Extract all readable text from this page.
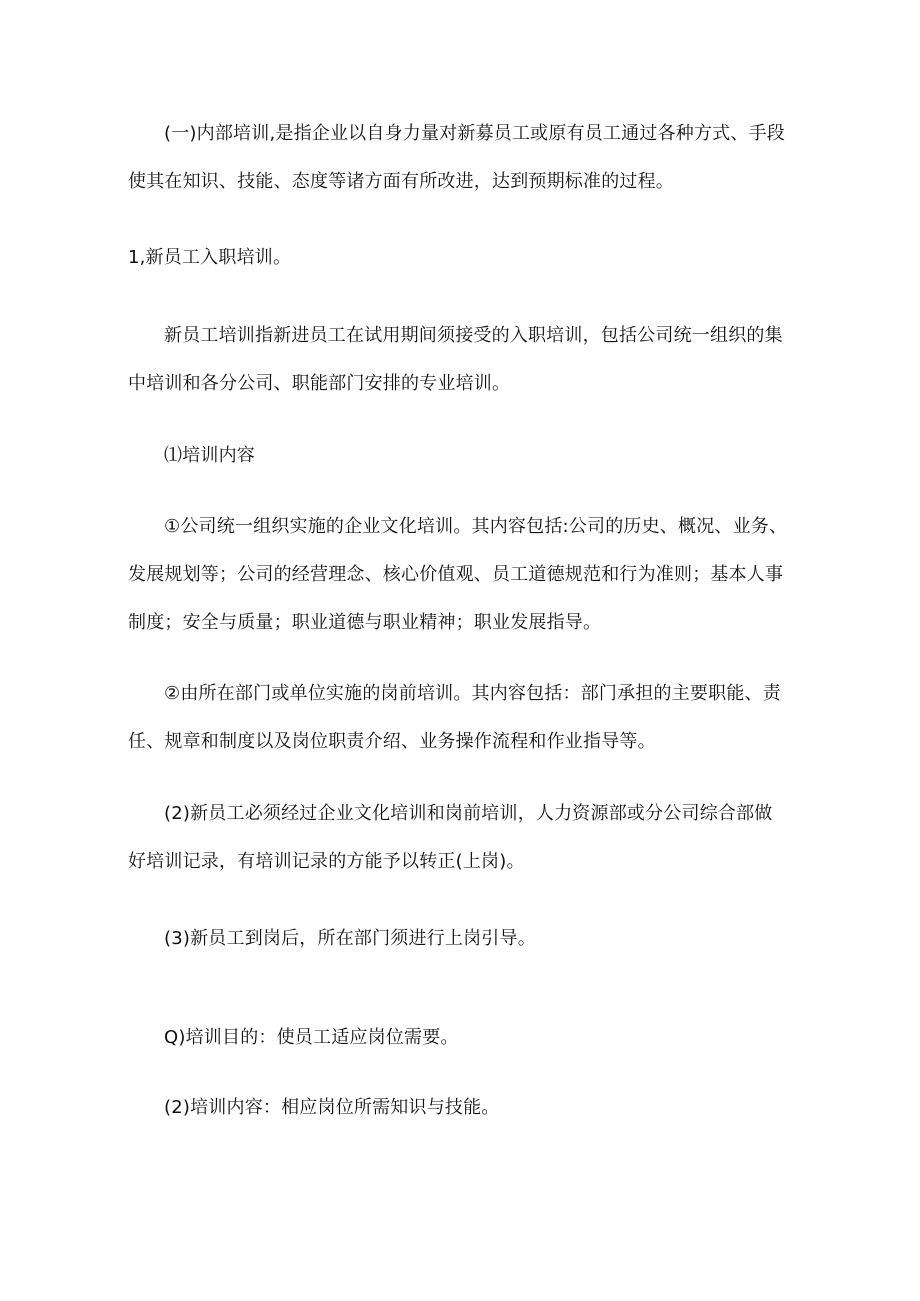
(一)内部培训,是指企业以自身力量对新募员工或原有员工通过各种方式、手段

使其在知识、技能、态度等诸方面有所改进，达到预期标准的过程。

1,新员工入职培训。

新员工培训指新进员工在试用期间须接受的入职培训，包括公司统一组织的集

中培训和各分公司、职能部门安排的专业培训。

⑴培训内容

①公司统一组织实施的企业文化培训。其内容包括:公司的历史、概况、业务、

发展规划等；公司的经营理念、核心价值观、员工道德规范和行为准则；基本人事

制度；安全与质量；职业道德与职业精神；职业发展指导。

②由所在部门或单位实施的岗前培训。其内容包括：部门承担的主要职能、责

任、规章和制度以及岗位职责介绍、业务操作流程和作业指导等。

(2)新员工必须经过企业文化培训和岗前培训，人力资源部或分公司综合部做

好培训记录，有培训记录的方能予以转正(上岗)。

(3)新员工到岗后，所在部门须进行上岗引导。

Q)培训目的：使员工适应岗位需要。

(2)培训内容：相应岗位所需知识与技能。
